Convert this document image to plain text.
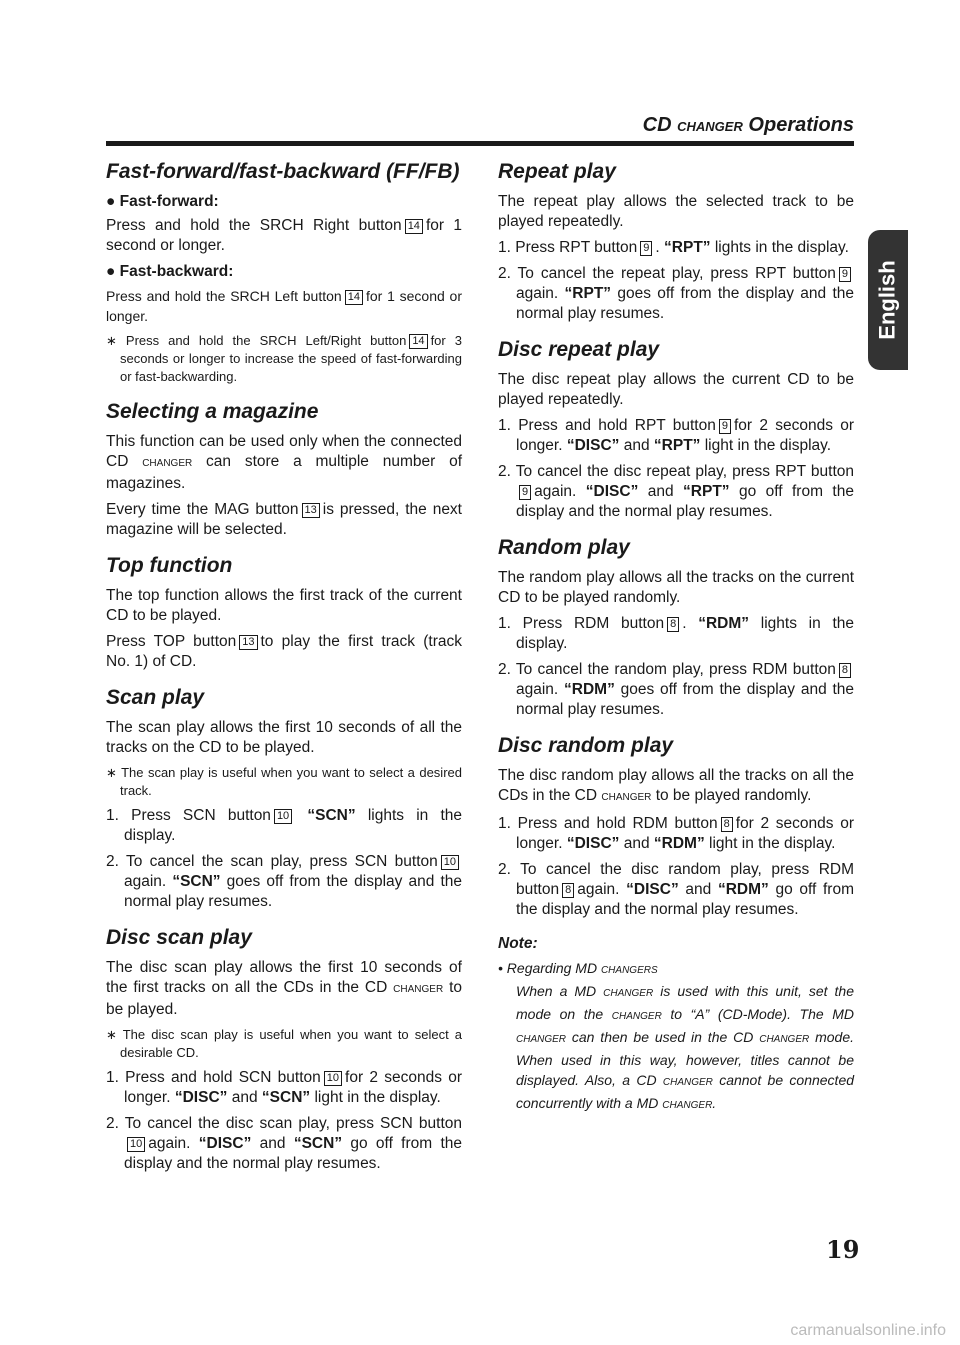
CD CHANGER Operations
English
Fast-forward/fast-backward (FF/FB)
● Fast-forward:

Press and hold the SRCH Right button 14 for 1 second or longer.

● Fast-backward:

Press and hold the SRCH Left button 14 for 1 second or longer.

∗ Press and hold the SRCH Left/Right button 14 for 3 seconds or longer to increase the speed of fast-forwarding or fast-backwarding.

Selecting a magazine

This function can be used only when the connected CD CHANGER can store a multiple number of magazines.

Every time the MAG button 13 is pressed, the next magazine will be selected.

Top function

The top function allows the first track of the current CD to be played.

Press TOP button 13 to play the first track (track No. 1) of CD.

Scan play

The scan play allows the first 10 seconds of all the tracks on the CD to be played.

∗ The scan play is useful when you want to select a desired track.

1. Press SCN button 10 “SCN” lights in the display.

2. To cancel the scan play, press SCN button 10again. “SCN” goes off from the display and the normal play resumes.

Disc scan play

The disc scan play allows the first 10 seconds of the first tracks on all the CDs in the CD CHANGER to be played.

∗ The disc scan play is useful when you want to select a desirable CD.

1. Press and hold SCN button 10 for 2 seconds or longer. “DISC” and “SCN” light in the display.

2. To cancel the disc scan play, press SCN button10 again. “DISC” and “SCN” go off from the display and the normal play resumes.

Repeat play

The repeat play allows the selected track to be played repeatedly.

1. Press RPT button 9 . “RPT” lights in the display.

2. To cancel the repeat play, press RPT button 9again. “RPT” goes off from the display and the normal play resumes.

Disc repeat play

The disc repeat play allows the current CD to be played repeatedly.

1. Press and hold RPT button 9 for 2 seconds or longer. “DISC” and “RPT” light in the display.

2. To cancel the disc repeat play, press RPT button9 again. “DISC” and “RPT” go off from the display and the normal play resumes.

Random play

The random play allows all the tracks on the current CD to be played randomly.

1. Press RDM button 8 . “RDM” lights in the display.

2. To cancel the random play, press RDM button 8again. “RDM” goes off from the display and the normal play resumes.

Disc random play

The disc random play allows all the tracks on all the CDs in the CD CHANGER to be played randomly.

1. Press and hold RDM button 8 for 2 seconds or longer. “DISC” and “RDM” light in the display.

2. To cancel the disc random play, press RDM button 8 again. “DISC” and “RDM” go off from the display and the normal play resumes.

Note:
• Regarding MD CHANGERS
When a MD CHANGER is used with this unit, set the mode on the CHANGER to “A” (CD-Mode). The MD CHANGER can then be used in the CD CHANGER mode. When used in this way, however, titles cannot be displayed. Also, a CD CHANGER cannot be connected concurrently with a MD CHANGER.
19
carmanualsonline.info
